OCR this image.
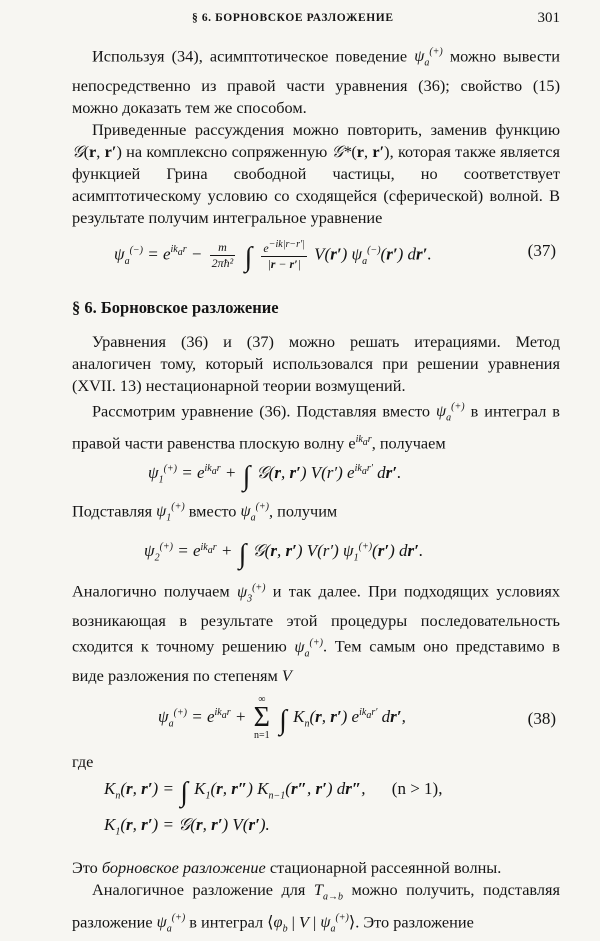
§ 6. БОРНОВСКОЕ РАЗЛОЖЕНИЕ	301

Используя (34), асимптотическое поведение $\psi_a^{(+)}$ можно вывести непосредственно из правой части уравнения (36); свойство (15) можно доказать тем же способом.

Приведенные рассуждения можно повторить, заменив функцию 𝒢(r, r′) на комплексно сопряженную 𝒢*(r, r′), которая также является функцией Грина свободной частицы, но соответствует асимптотическому условию со сходящейся (сферической) волной. В результате получим интегральное уравнение

$\psi_a^{(-)} = e^{ik_ar} - \frac{m}{\text{2πħ²}}$ ∫ $\frac{e^{-ik|r-r'|}}{|r - r'|} V(r')$ $\psi_a^{(-)}(r')$ dr′.	(37)

§ 6. Борновское разложение

Уравнения (36) и (37) можно решать итерациями. Метод аналогичен тому, который использовался при решении уравнения (XVII. 13) нестационарной теории возмущений.

Рассмотрим уравнение (36). Подставляя вместо $\psi_a^{(+)}$ в интеграл в правой части равенства плоскую волну $e^{ik_ar}$, получаем

$\psi_1^{(+)} = e^{ik_ar}$ + ∫ 𝒢(r, r′) V(r′) $e^{ik_ar'}$ dr′.

Подставляя $\psi_1^{(+)}$ вместо $\psi_a^{(+)}$, получим

$\psi_2^{(+)} = e^{ik_ar}$ + ∫ 𝒢(r, r′) V(r′) $\psi_1^{(+)}(r')$ dr′.

Аналогично получаем $\psi_3^{(+)}$ и так далее. При подходящих условиях возникающая в результате этой процедуры последовательность сходится к точному решению $\psi_a^{(+)}$. Тем самым оно представимо в виде разложения по степеням V

$\psi_a^{(+)} = e^{ik_ar}$ + ∞
Σ
n=1 ∫ $K_n(r$, r′) $e^{ik_ar'}$ dr′,	(38)

где

$K_n(r$, r′) = ∫ $K_1(r$, r″) $K_{n-1}(r''$, r′) dr″, (n > 1),
$K_1(r$, r′) = 𝒢(r, r′) V(r′).

Это борновское разложение стационарной рассеянной волны.

Аналогичное разложение для $T_{a\to b}$ можно получить, подставляя разложение $\psi_a^{(+)}$ в интеграл $⟨\varphi_b$ | V | $\psi_a^{(+)}⟩$. Это разложение
